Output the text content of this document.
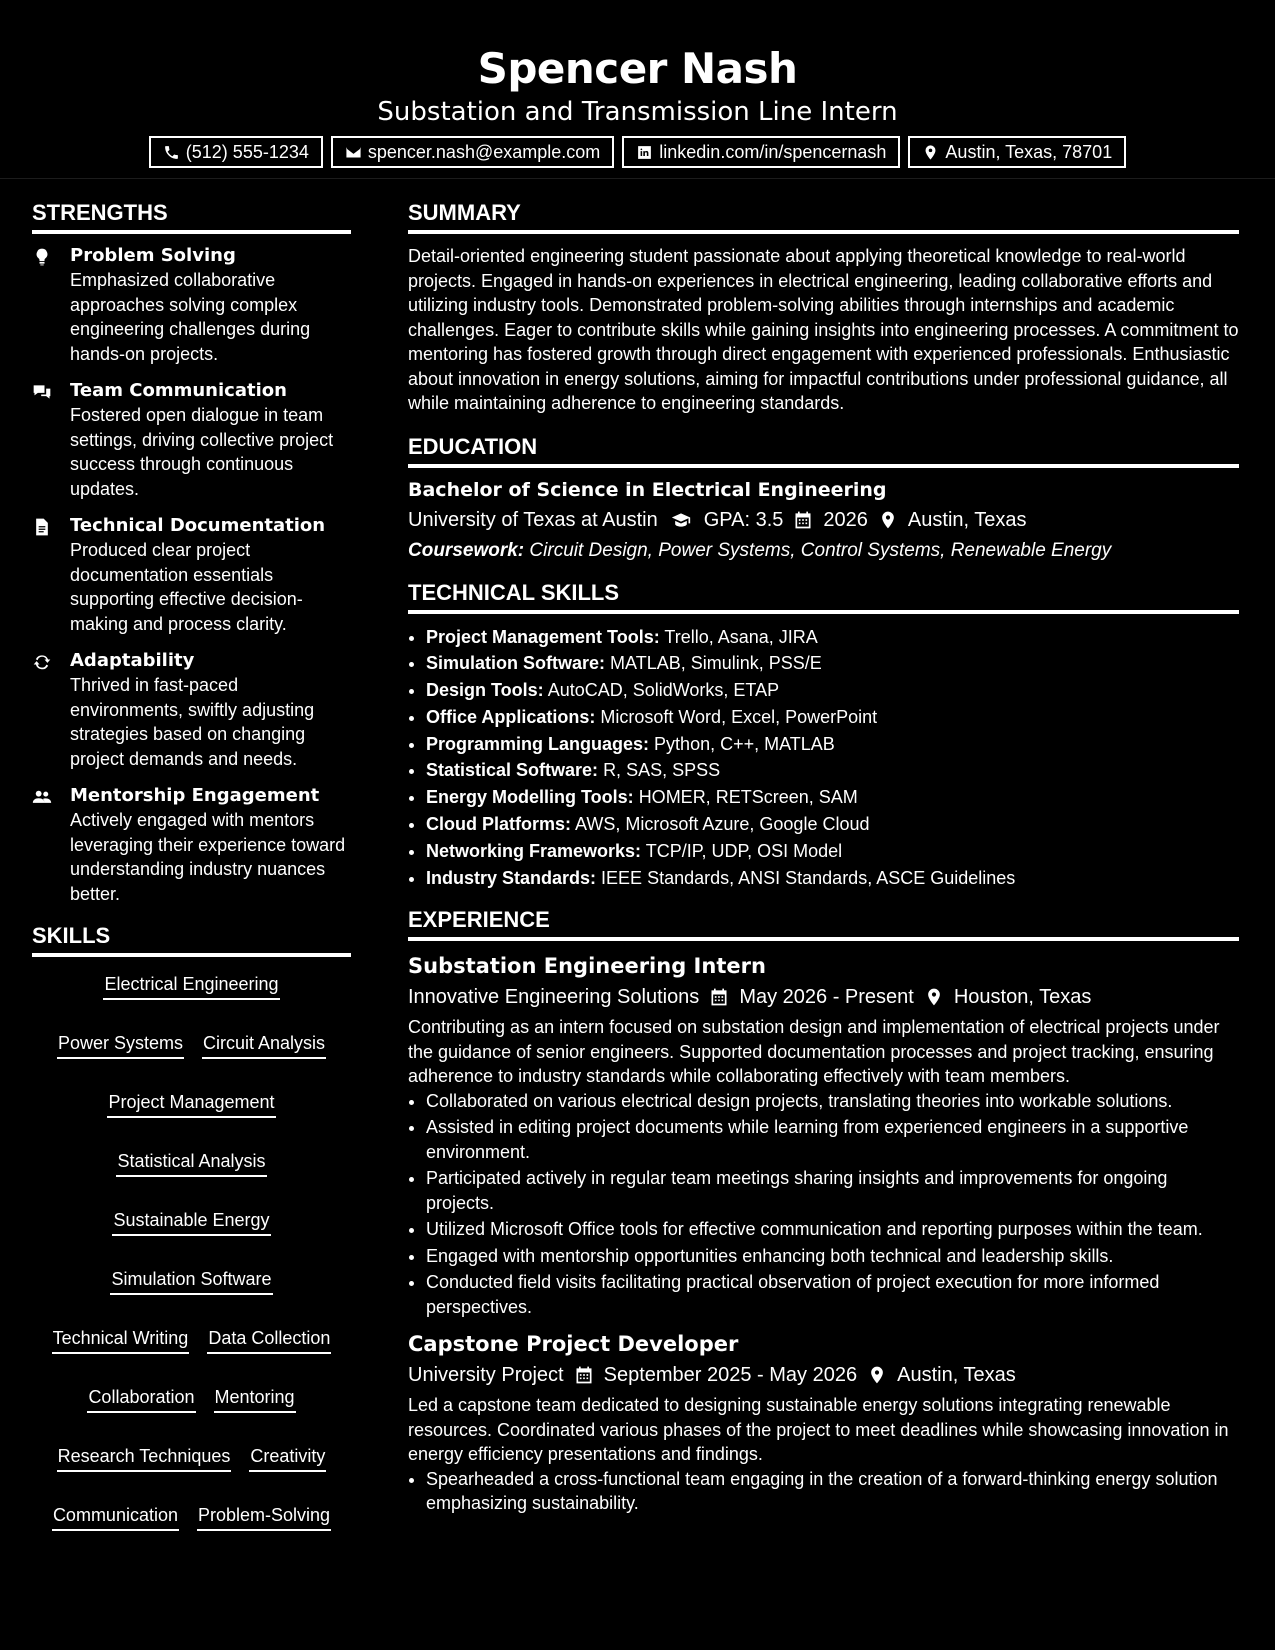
Spencer Nash
Substation and Transmission Line Intern
(512) 555-1234	spencer.nash@example.com	linkedin.com/in/spencernash	Austin, Texas, 78701
STRENGTHS
Problem Solving
Emphasized collaborative approaches solving complex engineering challenges during hands-on projects.
Team Communication
Fostered open dialogue in team settings, driving collective project success through continuous updates.
Technical Documentation
Produced clear project documentation essentials supporting effective decision-making and process clarity.
Adaptability
Thrived in fast-paced environments, swiftly adjusting strategies based on changing project demands and needs.
Mentorship Engagement
Actively engaged with mentors leveraging their experience toward understanding industry nuances better.
SKILLS
Electrical Engineering
Power Systems Circuit Analysis
Project Management
Statistical Analysis
Sustainable Energy
Simulation Software
Technical Writing Data Collection
Collaboration Mentoring
Research Techniques Creativity
Communication Problem-Solving
SUMMARY
Detail-oriented engineering student passionate about applying theoretical knowledge to real-world projects. Engaged in hands-on experiences in electrical engineering, leading collaborative efforts and utilizing industry tools. Demonstrated problem-solving abilities through internships and academic challenges. Eager to contribute skills while gaining insights into engineering processes. A commitment to mentoring has fostered growth through direct engagement with experienced professionals. Enthusiastic about innovation in energy solutions, aiming for impactful contributions under professional guidance, all while maintaining adherence to engineering standards.
EDUCATION
Bachelor of Science in Electrical Engineering
University of Texas at Austin GPA: 3.5 2026 Austin, Texas
Coursework: Circuit Design, Power Systems, Control Systems, Renewable Energy
TECHNICAL SKILLS
• Project Management Tools: Trello, Asana, JIRA
• Simulation Software: MATLAB, Simulink, PSS/E
• Design Tools: AutoCAD, SolidWorks, ETAP
• Office Applications: Microsoft Word, Excel, PowerPoint
• Programming Languages: Python, C++, MATLAB
• Statistical Software: R, SAS, SPSS
• Energy Modelling Tools: HOMER, RETScreen, SAM
• Cloud Platforms: AWS, Microsoft Azure, Google Cloud
• Networking Frameworks: TCP/IP, UDP, OSI Model
• Industry Standards: IEEE Standards, ANSI Standards, ASCE Guidelines
EXPERIENCE
Substation Engineering Intern
Innovative Engineering Solutions May 2026 - Present Houston, Texas
Contributing as an intern focused on substation design and implementation of electrical projects under the guidance of senior engineers. Supported documentation processes and project tracking, ensuring adherence to industry standards while collaborating effectively with team members.
• Collaborated on various electrical design projects, translating theories into workable solutions.
• Assisted in editing project documents while learning from experienced engineers in a supportive environment.
• Participated actively in regular team meetings sharing insights and improvements for ongoing projects.
• Utilized Microsoft Office tools for effective communication and reporting purposes within the team.
• Engaged with mentorship opportunities enhancing both technical and leadership skills.
• Conducted field visits facilitating practical observation of project execution for more informed perspectives.
Capstone Project Developer
University Project September 2025 - May 2026 Austin, Texas
Led a capstone team dedicated to designing sustainable energy solutions integrating renewable resources. Coordinated various phases of the project to meet deadlines while showcasing innovation in energy efficiency presentations and findings.
• Spearheaded a cross-functional team engaging in the creation of a forward-thinking energy solution emphasizing sustainability.
